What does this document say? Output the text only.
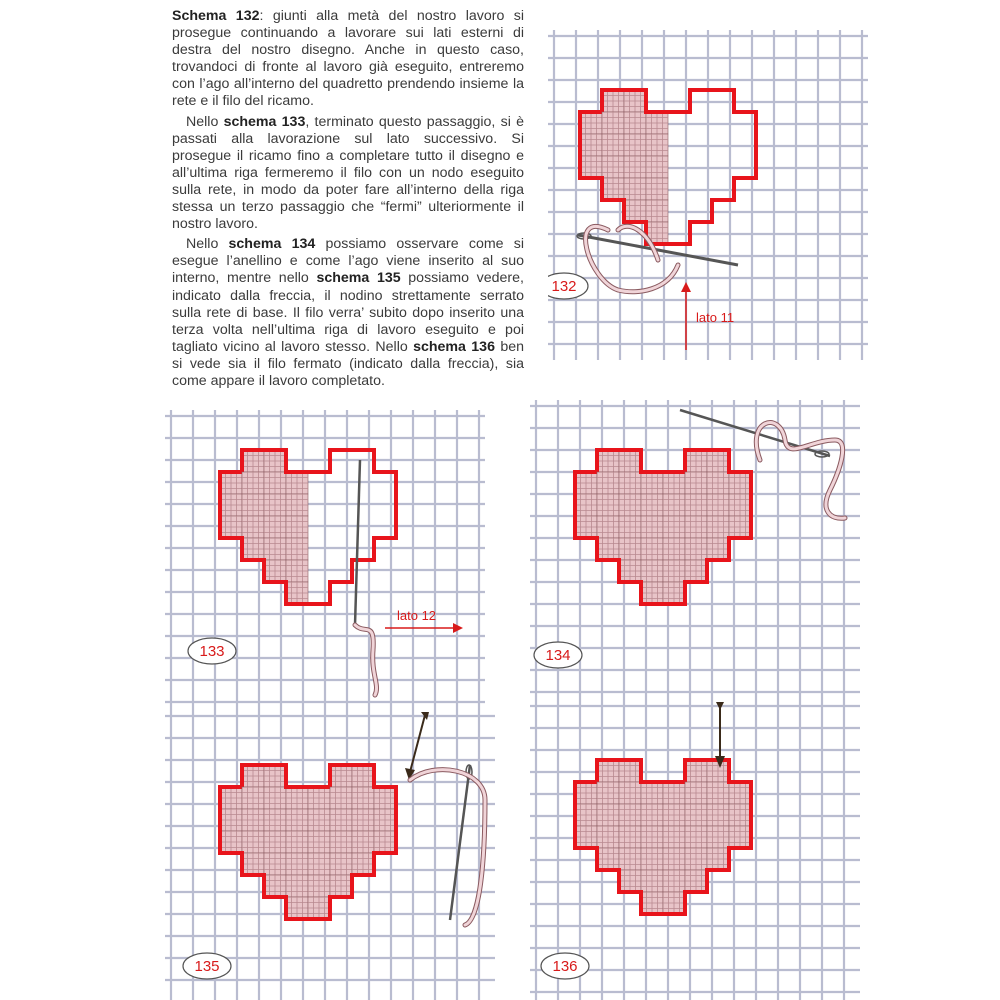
Schema 132: giunti alla metà del nostro lavoro si prosegue continuando a lavorare sui lati esterni di destra del nostro disegno. Anche in questo caso, trovandoci di fronte al lavoro già eseguito, entreremo con l’ago all’interno del quadretto prendendo insieme la rete e il filo del ricamo.

Nello schema 133, terminato questo passaggio, si è passati alla lavorazione sul lato successivo. Si prosegue il ricamo fino a completare tutto il disegno e all’ultima riga fermeremo il filo con un nodo eseguito sulla rete, in modo da poter fare all’interno della riga stessa un terzo passaggio che “fermi” ulteriormente il nostro lavoro.

Nello schema 134 possiamo osservare come si esegue l’anellino e come l’ago viene inserito al suo interno, mentre nello schema 135 possiamo vedere, indicato dalla freccia, il nodino strettamente serrato sulla rete di base. Il filo verra’ subito dopo inserito una terza volta nell’ultima riga di lavoro eseguito e poi tagliato vicino al lavoro stesso. Nello schema 136 ben si vede sia il filo fermato (indicato dalla freccia), sia come appare il lavoro completato.

lato 11
132
lato 12
133	134
135	136
